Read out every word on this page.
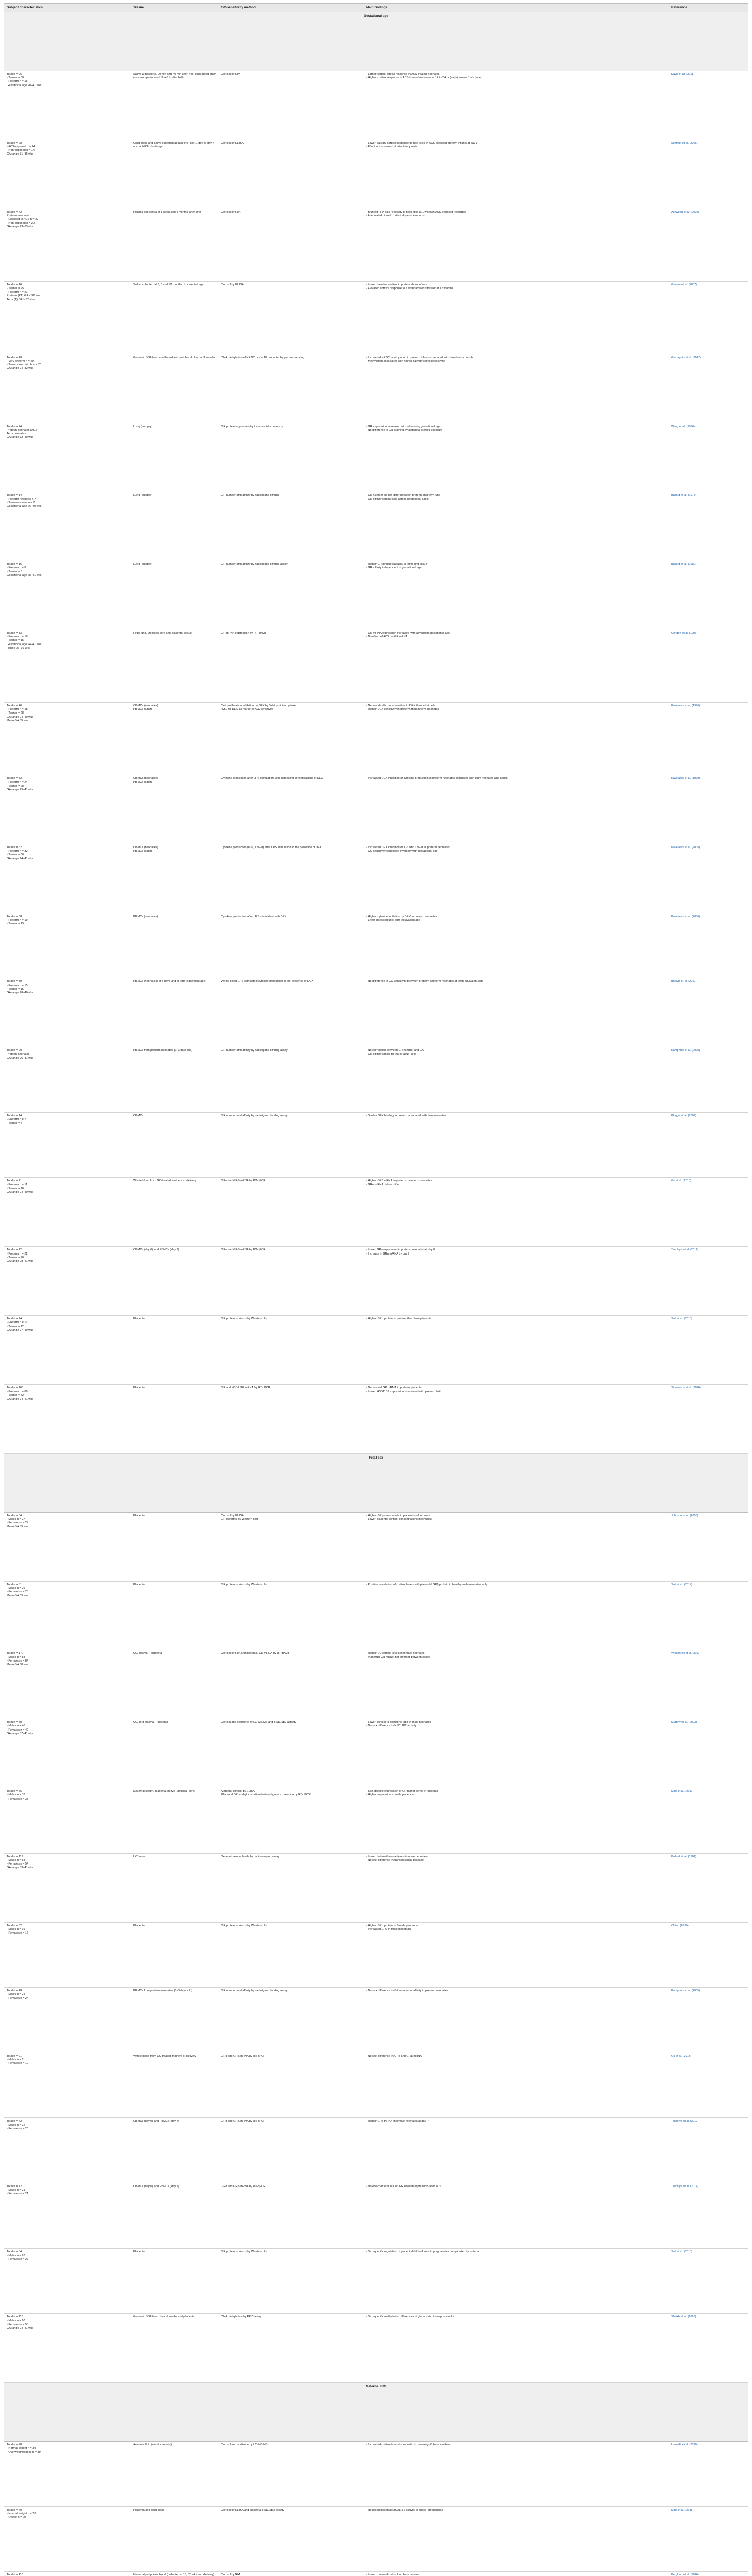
Subject characteristics	Tissue	GC-sensitivity method	Main findings	Reference
Gestational age				

Total n = 96
- Term n = 80
- Preterm n = 16
Gestational age 28–41 wks	Saliva at baseline, 20 min and 40 min after heel-stick blood draw (stressor) performed 12–48 h after birth	Cortisol by EIA	- Larger cortisol stress response in ACS-treated neonates
- Higher cortisol response in ACS-treated neonates at 12 to 24 hr (early) versus 1 wk (late)	Davis et al. (2011)

Total n = 28
- ACS-exposed n = 14
- Non-exposed n = 14
GA range 31–36 wks	Cord blood and saliva collected at baseline, day 1, day 3, day 7 and at NICU discharge	Cortisol by ELISA	- Lower salivary cortisol response to heel-stick in ACS-exposed preterm infants at day 1
- Effect not observed at later time points	Schmidt et al. (2006)

Total n = 42
Preterm neonates
- Exposed to ACS n = 22
- Non-exposed n = 20
GA range 23–33 wks	Plasma and saliva at 1 week and 4 months after birth	Cortisol by RIA	- Blunted HPA axis reactivity to heel-stick at 1 week in ACS-exposed neonates
- Attenuated diurnal cortisol slope at 4 months	Ashwood et al. (2006)

Total n = 46
- Term n = 25
- Preterm n = 21
Preterm (PT) GA < 32 wks
Term (T) GA ≥ 37 wks	Saliva collected at 3, 6 and 12 months of corrected age	Cortisol by ELISA	- Lower baseline cortisol in preterm-born infants
- Elevated cortisol response to a standardized stressor at 12 months	Grunau et al. (2007)

Total n = 40
- Very preterm n = 20
- Term-born controls n = 20
GA range 24–32 wks	Genomic DNA from cord blood and peripheral blood at 3 months	DNA methylation of NR3C1 exon 1F promoter by pyrosequencing	- Increased NR3C1 methylation in preterm infants compared with term-born controls
- Methylation associated with higher salivary cortisol reactivity	Giarraputo et al. (2017)

Total n = 24
Preterm neonates (ACS)
Term neonates
GA range 32–40 wks	Lung (autopsy)	GR protein expression by immunohistochemistry	- GR expression increased with advancing gestational age
- No difference in GR staining by antenatal steroid exposure	Wang et al. (1996)

Total n = 14
- Preterm neonates n = 7
- Term neonates n = 7
Gestational age 26–40 wks	Lung (autopsy)	GR number and affinity by radioligand binding	- GR number did not differ between preterm and term lung
- GR affinity comparable across gestational ages	Ballard et al. (1978)

Total n = 16
- Preterm n = 8
- Term n = 8
Gestational age 28–41 wks	Lung (autopsy)	GR number and affinity by radioligand binding assay	- Higher GR binding capacity in term lung tissue
- GR affinity independent of gestational age	Ballard et al. (1980)

Total n = 33
- Preterm n = 18
- Term n = 15
Gestational age 24–41 wks
Range 26–39 wks	Fetal lung, umbilical cord and placental tissue	GR mRNA expression by RT-qPCR	- GR mRNA expression increased with advancing gestational age
- No effect of ACS on GR mRNA	Condon et al. (1997)

Total n = 46
- Preterm n = 18
- Term n = 28
GA range 24–40 wks
Mean GA 35 wks	CBMCs (neonates)
PBMCs (adults)	Cell proliferation inhibition by DEX by 3H-thymidine uptake
IC50 for DEX as marker of GC sensitivity	- Neonatal cells more sensitive to DEX than adult cells
- Higher DEX sensitivity in preterm than in term neonates	Kavelaars et al. (1996)

Total n = 52
- Preterm n = 24
- Term n = 28
GA range 25–41 wks	CBMCs (neonates)
PBMCs (adults)	Cytokine production after LPS stimulation with increasing concentrations of DEX	- Increased DEX inhibition of cytokine production in preterm neonates compared with term neonates and adults	Kavelaars et al. (1999)

Total n = 62
- Preterm n = 32
- Term n = 30
GA range 24–41 wks	CBMCs (neonates)
PBMCs (adults)	Cytokine production (IL-6, TNF-α) after LPS stimulation in the presence of DEX	- Increased DEX inhibition of IL-6 and TNF-α in preterm neonates
- GC sensitivity correlated inversely with gestational age	Kavelaars et al. (2005)

Total n = 38
- Preterm n = 19
- Term n = 19	PBMCs (neonates)	Cytokine production after LPS stimulation with DEX	- Higher cytokine inhibition by DEX in preterm neonates
- Effect persisted until term-equivalent age	Kavelaars et al. (2006)

Total n = 30
- Preterm n = 15
- Term n = 15
GA range 28–40 wks	PBMCs (neonates) at 3 days and at term-equivalent age	Whole blood LPS-stimulated cytokine production in the presence of DEX	- No difference in GC sensitivity between preterm and term neonates at term-equivalent age	Bojovic et al. (2017)

Total n = 20
Preterm neonates
GA range 26–31 wks	PBMCs from preterm neonates (1–3 days old)	GR number and affinity by radioligand binding assay	- No correlation between GR number and GA
- GR affinity similar to that of adult cells	Kamphuis et al. (2005)

Total n = 14
- Preterm n = 7
- Term n = 7	CBMCs	GR number and affinity by radioligand binding assay	- Similar DEX binding in preterm compared with term neonates	Plugge et al. (2007)

Total n = 21
- Preterm n = 11
- Term n = 10
GA range 24–40 wks	Whole blood from GC-treated mothers at delivery	GRα and GRβ mRNA by RT-qPCR	- Higher GRβ mRNA in preterm than term neonates
- GRα mRNA did not differ	Gu et al. (2013)

Total n = 42
- Preterm n = 22
- Term n = 20
GA range 28–41 wks	CBMCs (day 0) and PBMCs (day 7)	GRα and GRβ mRNA by RT-qPCR	- Lower GRα expression in preterm neonates at day 0
- Increase in GRα mRNA by day 7	Tsuchiya et al. (2012)

Total n = 24
- Preterm n = 12
- Term n = 12
GA range 27–40 wks	Placenta	GR protein isoforms by Western blot	- Higher GRα protein in preterm than term placenta	Saif et al. (2015)

Total n = 160
- Preterm n = 88
- Term n = 72
GA range 24–41 wks	Placenta	GR and HSD11B2 mRNA by RT-qPCR	- Decreased GR mRNA in preterm placenta
- Lower HSD11B2 expression associated with preterm birth	Stoenescu et al. (2016)
Fetal sex				

Total n = 54
- Males n = 27
- Females n = 27
Mean GA 39 wks	Placenta	Cortisol by ELISA
GR isoforms by Western blot	- Higher GR protein levels in placentas of females
- Lower placental cortisol concentrations in females	Johnson et al. (2008)

Total n = 51
- Males n = 26
- Females n = 25
Mean GA 39 wks	Placenta	GR protein isoforms by Western blot	- Positive correlation of cortisol levels with placental GRβ protein in healthy male neonates only	Saif et al. (2014)

Total n = 172
- Males n = 88
- Females n = 84
Mean GA 38 wks	UC plasma + placenta	Cortisol by RIA and placental GR mRNA by RT-qPCR	- Higher UC cortisol levels in female neonates
- Placental GR mRNA not different between sexes	Wieczorek et al. (2017)

Total n = 80
- Males n = 40
- Females n = 40
GA range 37–41 wks	UC cord plasma + placenta	Cortisol and cortisone by LC-MS/MS and HSD11B2 activity	- Lower cortisol-to-cortisone ratio in male neonates
- No sex difference in HSD11B2 activity	Murphy et al. (2003)

Total n = 66
- Males n = 33
- Females n = 33	Maternal serum, placenta, nerve (umbilical cord)	Maternal cortisol by ELISA
Placental GR and glucocorticoid-related gene expression by RT-qPCR	- Sex-specific expression of GR target genes in placenta
- Higher expression in male placentas	Mina et al. (2017)

Total n = 112
- Males n = 58
- Females n = 54
GA range 33–41 wks	UC serum	Betamethasone levels by radioreceptor assay	- Lower betamethasone levels in male neonates
- No sex difference in transplacental passage	Ballard et al. (1984)

Total n = 32
- Males n = 16
- Females n = 16	Placenta	GR protein isoforms by Western blot	- Higher GRα protein in female placentas
- Increased GRβ in male placentas	Clifton (2010)

Total n = 48
- Males n = 24
- Females n = 24	PBMCs from preterm neonates (1–3 days old)	GR number and affinity by radioligand binding assay	- No sex difference in GR number or affinity in preterm neonates	Kamphuis et al. (2005)

Total n = 21
- Males n = 11
- Females n = 10	Whole blood from GC-treated mothers at delivery	GRα and GRβ mRNA by RT-qPCR	- No sex difference in GRα and GRβ mRNA	Gu et al. (2013)

Total n = 42
- Males n = 22
- Females n = 20	CBMCs (day 0) and PBMCs (day 7)	GRα and GRβ mRNA by RT-qPCR	- Higher GRα mRNA in female neonates at day 7	Tsuchiya et al. (2012)

Total n = 42
- Males n = 21
- Females n = 21	CBMCs (day 0) and PBMCs (day 7)	GRα and GRβ mRNA by RT-qPCR	- No effect of fetal sex on GR isoform expression after ACS	Tsuchiya et al. (2014)

Total n = 54
- Males n = 28
- Females n = 26	Placenta	GR protein isoforms by Western blot	- Sex-specific regulation of placental GR isoforms in pregnancies complicated by asthma	Saif et al. (2015)

Total n = 118
- Males n = 60
- Females n = 58
GA range 24–41 wks	Genomic DNA from: buccal swabs and placenta	DNA methylation by EPIC array	- Sex-specific methylation differences at glucocorticoid-responsive loci	Sheikh et al. (2020)
Maternal BMI				

Total n = 78
- Normal weight n = 39
- Overweight/obese n = 39	Amniotic fluid (amniocentesis)	Cortisol and cortisone by LC-MS/MS	- Increased cortisol-to-cortisone ratio in overweight/obese mothers	Lamadé et al. (2020)

Total n = 40
- Normal weight n = 20
- Obese n = 20	Placenta and cord blood	Cortisol by ELISA and placental HSD11B2 activity	- Reduced placental HSD11B2 activity in obese pregnancies	Mina et al. (2015)

Total n = 110	Maternal peripheral blood (collected at 16, 28 wks and delivery)	Cortisol by RIA	- Lower maternal cortisol in obese women	Berglund et al. (2016)
